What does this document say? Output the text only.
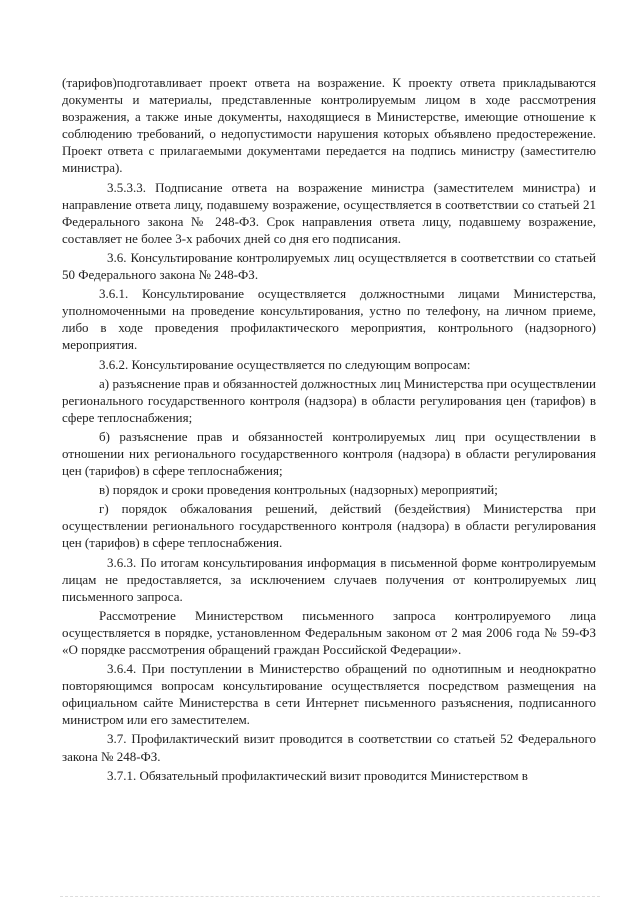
(тарифов)подготавливает проект ответа на возражение. К проекту ответа прикладываются документы и материалы, представленные контролируемым лицом в ходе рассмотрения возражения, а также иные документы, находящиеся в Министерстве, имеющие отношение к соблюдению требований, о недопустимости нарушения которых объявлено предостережение. Проект ответа с прилагаемыми документами передается на подпись министру (заместителю министра).

3.5.3.3. Подписание ответа на возражение министра (заместителем министра) и направление ответа лицу, подавшему возражение, осуществляется в соответствии со статьей 21 Федерального закона № 248-ФЗ. Срок направления ответа лицу, подавшему возражение, составляет не более 3-х рабочих дней со дня его подписания.

3.6. Консультирование контролируемых лиц осуществляется в соответствии со статьей 50 Федерального закона № 248-ФЗ.

3.6.1. Консультирование осуществляется должностными лицами Министерства, уполномоченными на проведение консультирования, устно по телефону, на личном приеме, либо в ходе проведения профилактического мероприятия, контрольного (надзорного) мероприятия.

3.6.2. Консультирование осуществляется по следующим вопросам:

а) разъяснение прав и обязанностей должностных лиц Министерства при осуществлении регионального государственного контроля (надзора) в области регулирования цен (тарифов) в сфере теплоснабжения;

б) разъяснение прав и обязанностей контролируемых лиц при осуществлении в отношении них регионального государственного контроля (надзора) в области регулирования цен (тарифов) в сфере теплоснабжения;

в) порядок и сроки проведения контрольных (надзорных) мероприятий;

г) порядок обжалования решений, действий (бездействия) Министерства при осуществлении регионального государственного контроля (надзора) в области регулирования цен (тарифов) в сфере теплоснабжения.

3.6.3. По итогам консультирования информация в письменной форме контролируемым лицам не предоставляется, за исключением случаев получения от контролируемых лиц письменного запроса.

Рассмотрение Министерством письменного запроса контролируемого лица осуществляется в порядке, установленном Федеральным законом от 2 мая 2006 года № 59-ФЗ «О порядке рассмотрения обращений граждан Российской Федерации».

3.6.4. При поступлении в Министерство обращений по однотипным и неоднократно повторяющимся вопросам консультирование осуществляется посредством размещения на официальном сайте Министерства в сети Интернет письменного разъяснения, подписанного министром или его заместителем.

3.7. Профилактический визит проводится в соответствии со статьей 52 Федерального закона № 248-ФЗ.

3.7.1. Обязательный профилактический визит проводится Министерством в
